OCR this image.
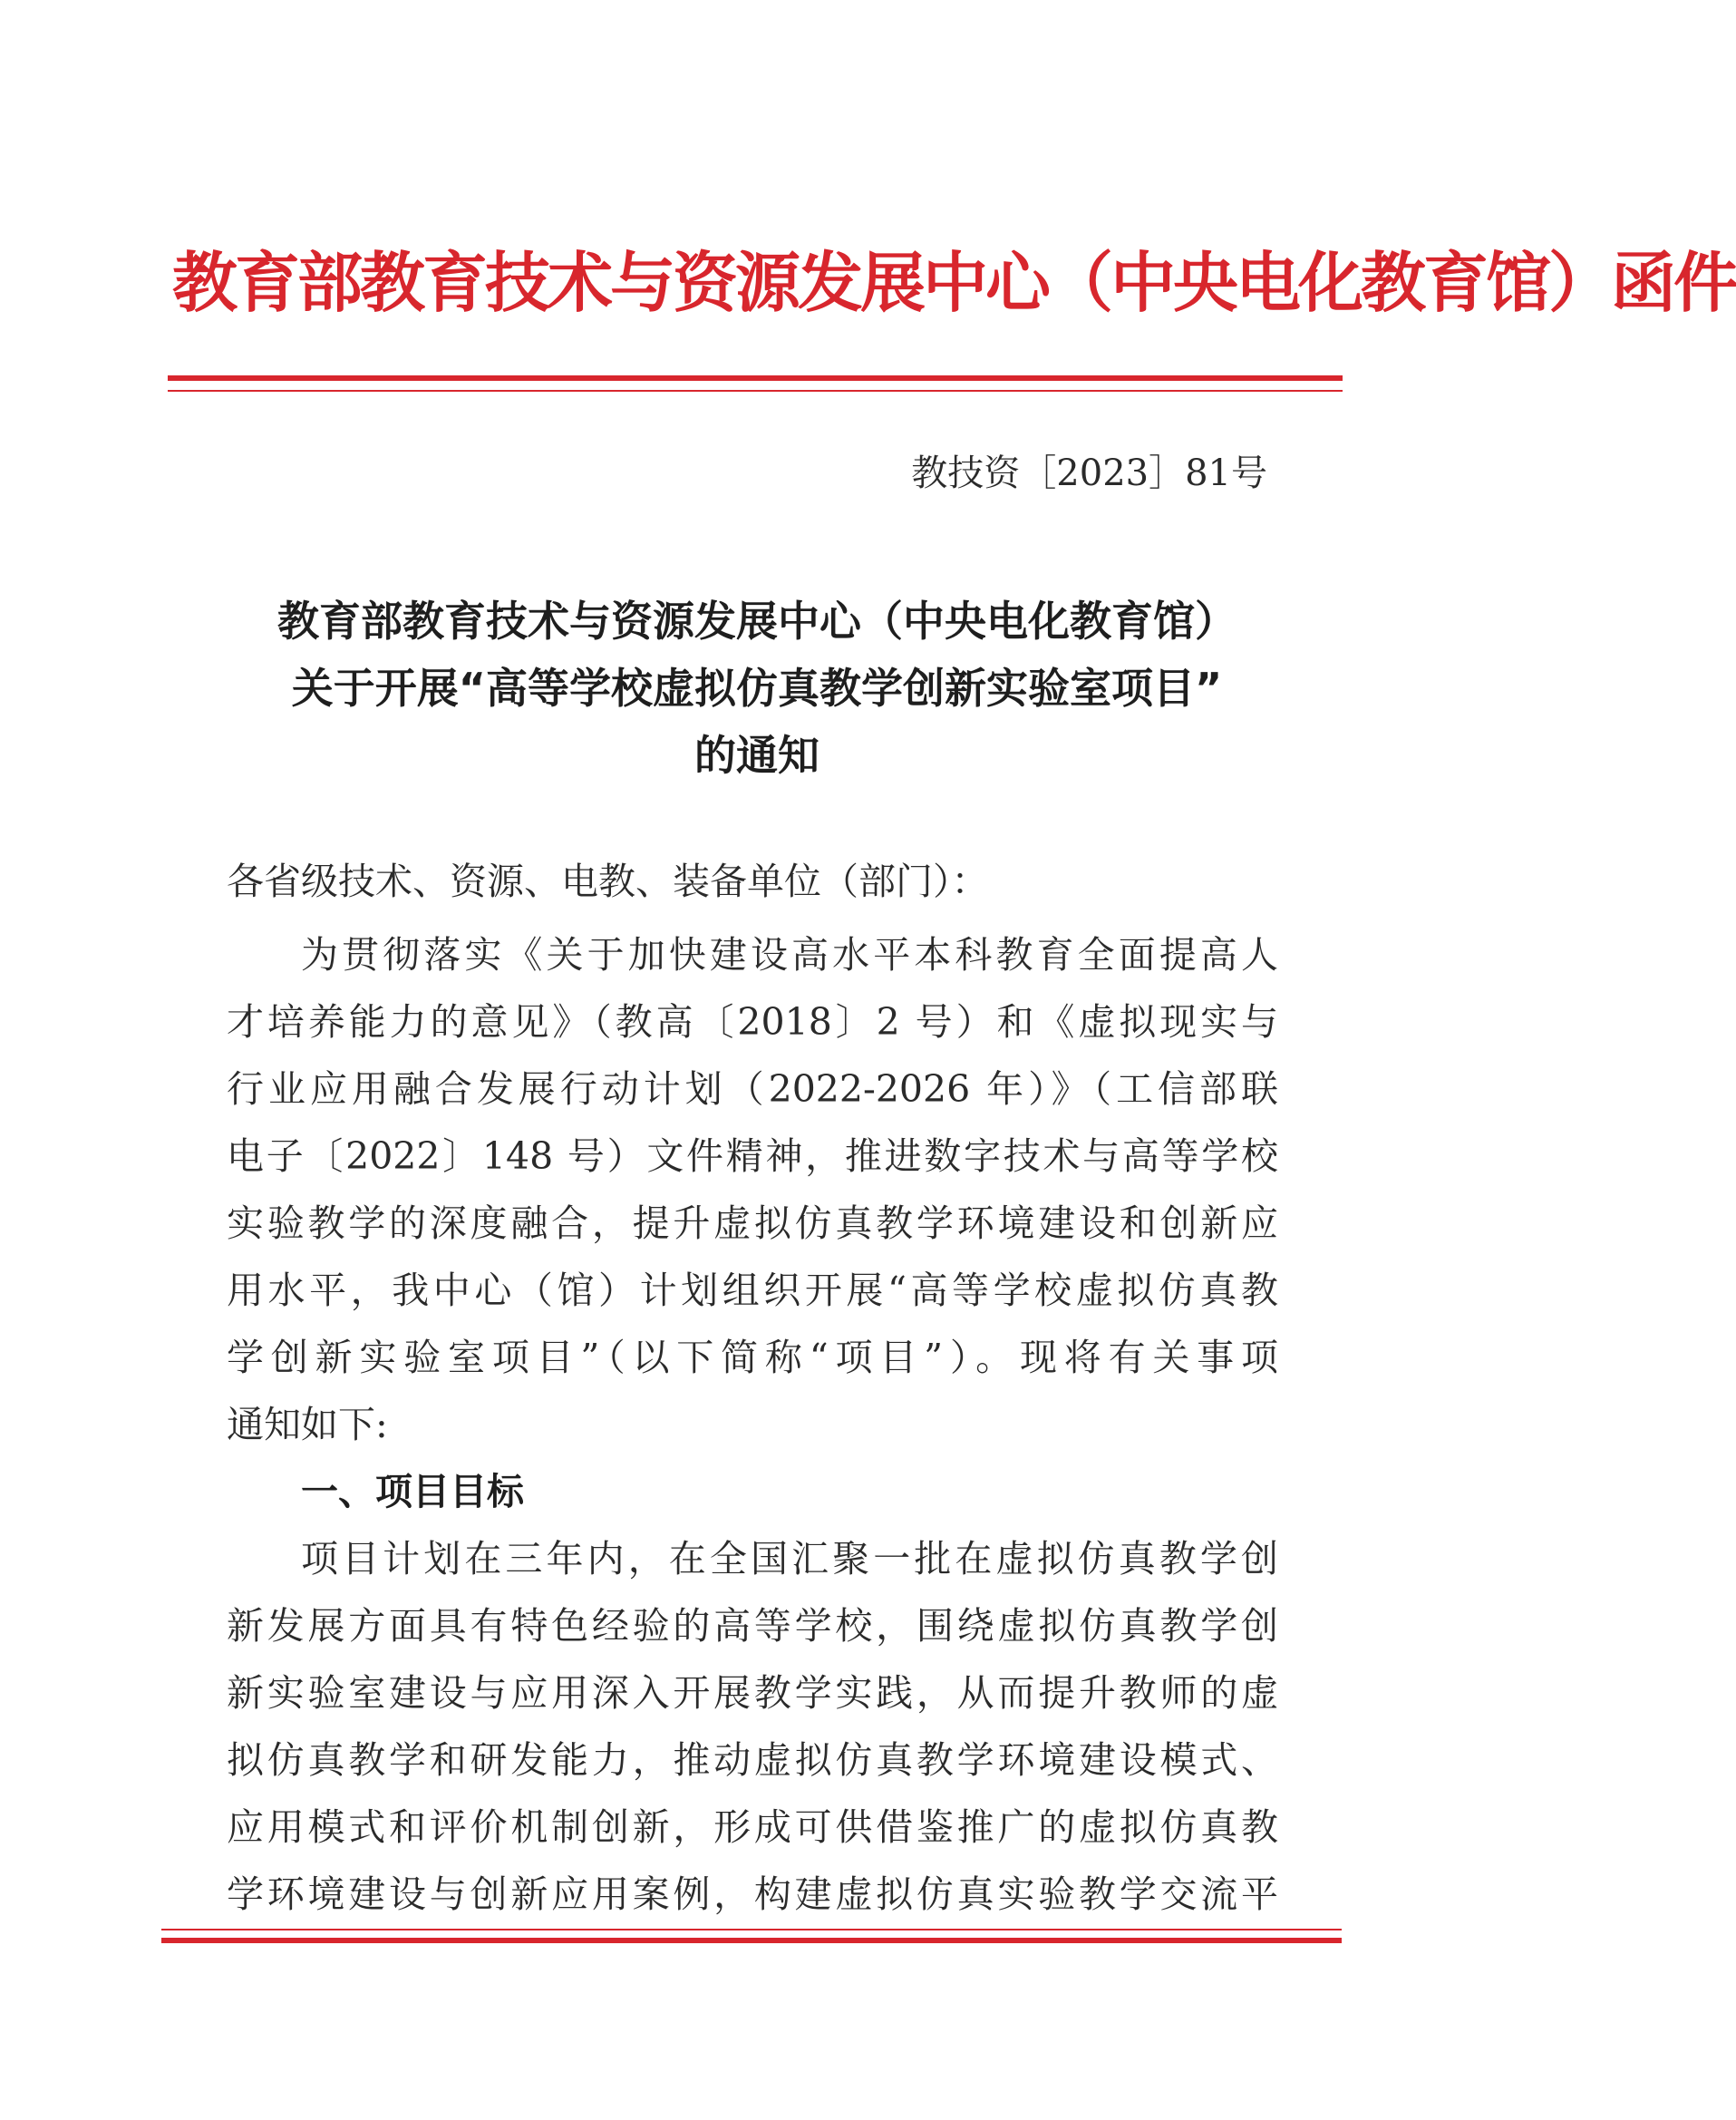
教育部教育技术与资源发展中心（中央电化教育馆）函件
教技资［2023］81号
教育部教育技术与资源发展中心（中央电化教育馆）
关于开展“高等学校虚拟仿真教学创新实验室项目”
的通知
各省级技术、资源、电教、装备单位（部门）：
为贯彻落实《关于加快建设高水平本科教育全面提高人
才培养能力的意见》（教高〔2018〕2 号）和《虚拟现实与
行业应用融合发展行动计划（2022-2026 年）》（工信部联
电子〔2022〕148 号）文件精神，推进数字技术与高等学校
实验教学的深度融合，提升虚拟仿真教学环境建设和创新应
用水平，我中心（馆）计划组织开展“高等学校虚拟仿真教
学创新实验室项目”（以下简称“项目”）。现将有关事项
通知如下:
一、项目目标
项目计划在三年内，在全国汇聚一批在虚拟仿真教学创
新发展方面具有特色经验的高等学校，围绕虚拟仿真教学创
新实验室建设与应用深入开展教学实践，从而提升教师的虚
拟仿真教学和研发能力，推动虚拟仿真教学环境建设模式、
应用模式和评价机制创新，形成可供借鉴推广的虚拟仿真教
学环境建设与创新应用案例，构建虚拟仿真实验教学交流平
